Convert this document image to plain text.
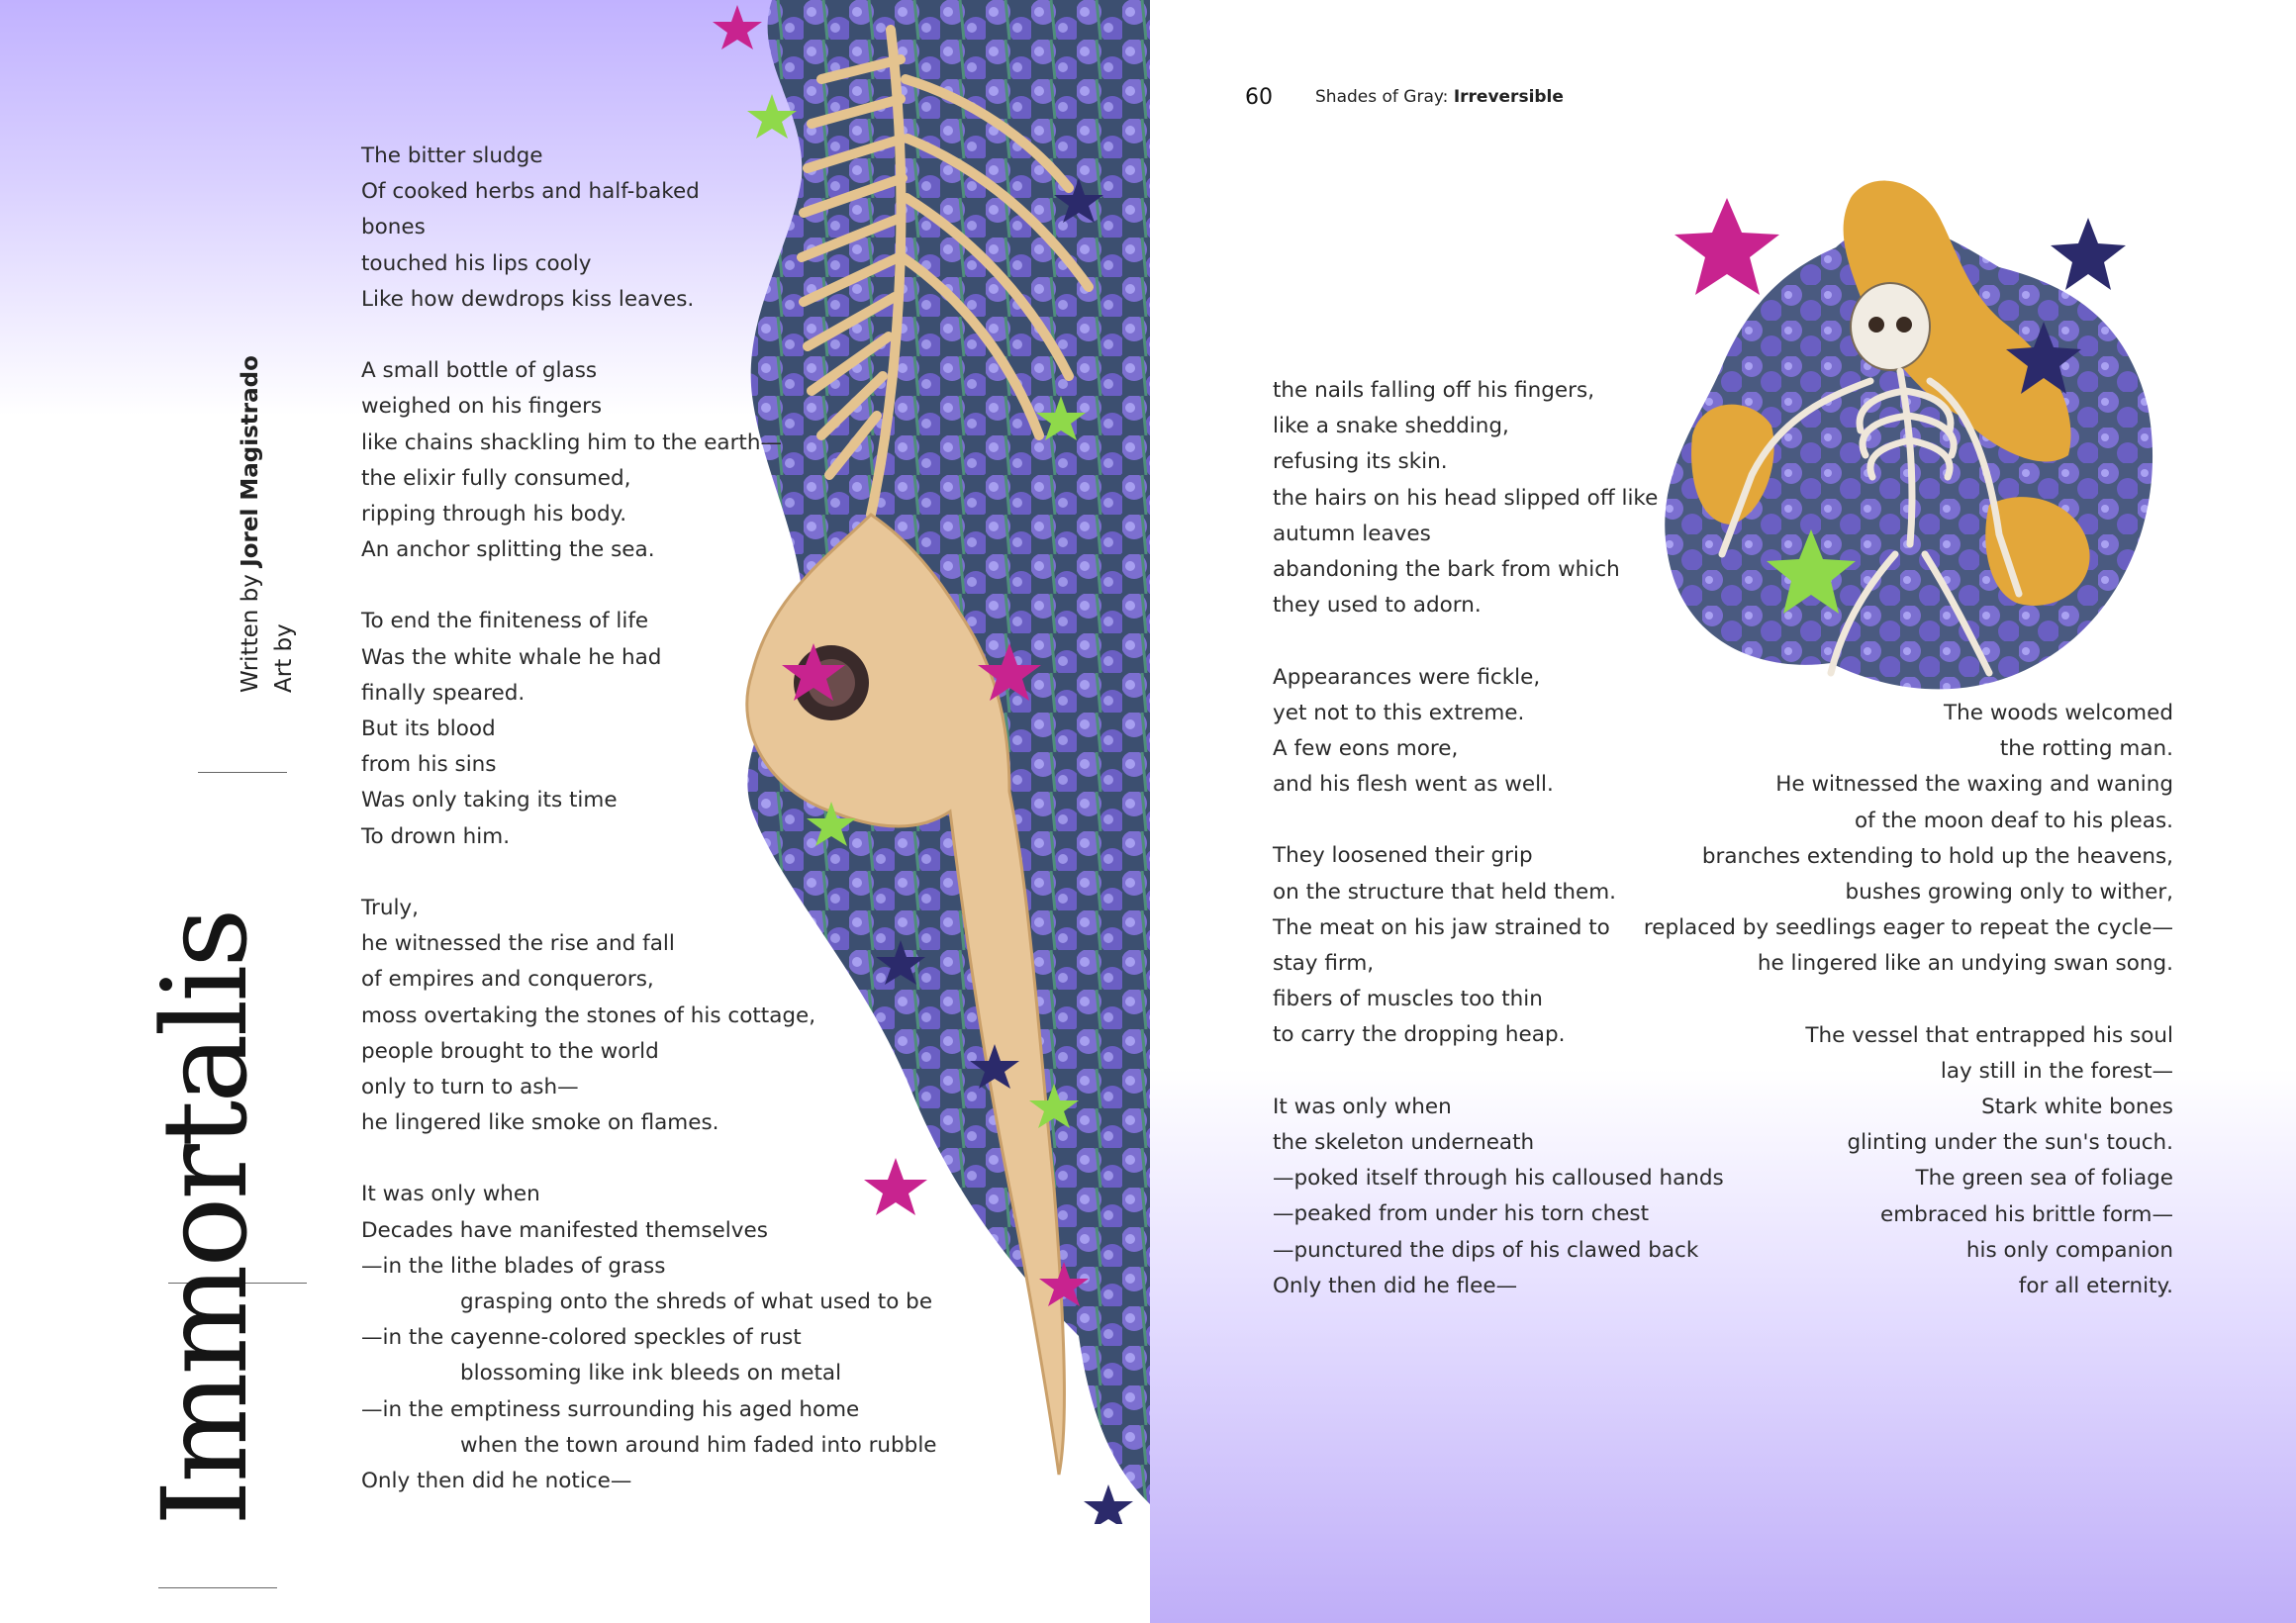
Immortalis
Written by Jorel Magistrado
Art by

The bitter sludge

Of cooked herbs and half-baked

bones

touched his lips cooly

Like how dewdrops kiss leaves.

A small bottle of glass

weighed on his fingers

like chains shackling him to the earth—

the elixir fully consumed,

ripping through his body.

An anchor splitting the sea.

To end the finiteness of life

Was the white whale he had

finally speared.

But its blood

from his sins

Was only taking its time

To drown him.

Truly,

he witnessed the rise and fall

of empires and conquerors,

moss overtaking the stones of his cottage,

people brought to the world

only to turn to ash—

he lingered like smoke on flames.

It was only when

Decades have manifested themselves

—in the lithe blades of grass

grasping onto the shreds of what used to be

—in the cayenne-colored speckles of rust

blossoming like ink bleeds on metal

—in the emptiness surrounding his aged home

when the town around him faded into rubble

Only then did he notice—

60	Shades of Gray: Irreversible

the nails falling off his fingers,

like a snake shedding,

refusing its skin.

the hairs on his head slipped off like

autumn leaves

abandoning the bark from which

they used to adorn.

Appearances were fickle,

yet not to this extreme.

A few eons more,

and his flesh went as well.

They loosened their grip

on the structure that held them.

The meat on his jaw strained to

stay firm,

fibers of muscles too thin

to carry the dropping heap.

It was only when

the skeleton underneath

—poked itself through his calloused hands

—peaked from under his torn chest

—punctured the dips of his clawed back

Only then did he flee—

The woods welcomed

the rotting man.

He witnessed the waxing and waning

of the moon deaf to his pleas.

branches extending to hold up the heavens,

bushes growing only to wither,

replaced by seedlings eager to repeat the cycle—

he lingered like an undying swan song.

The vessel that entrapped his soul

lay still in the forest—

Stark white bones

glinting under the sun's touch.

The green sea of foliage

embraced his brittle form—

his only companion

for all eternity.
